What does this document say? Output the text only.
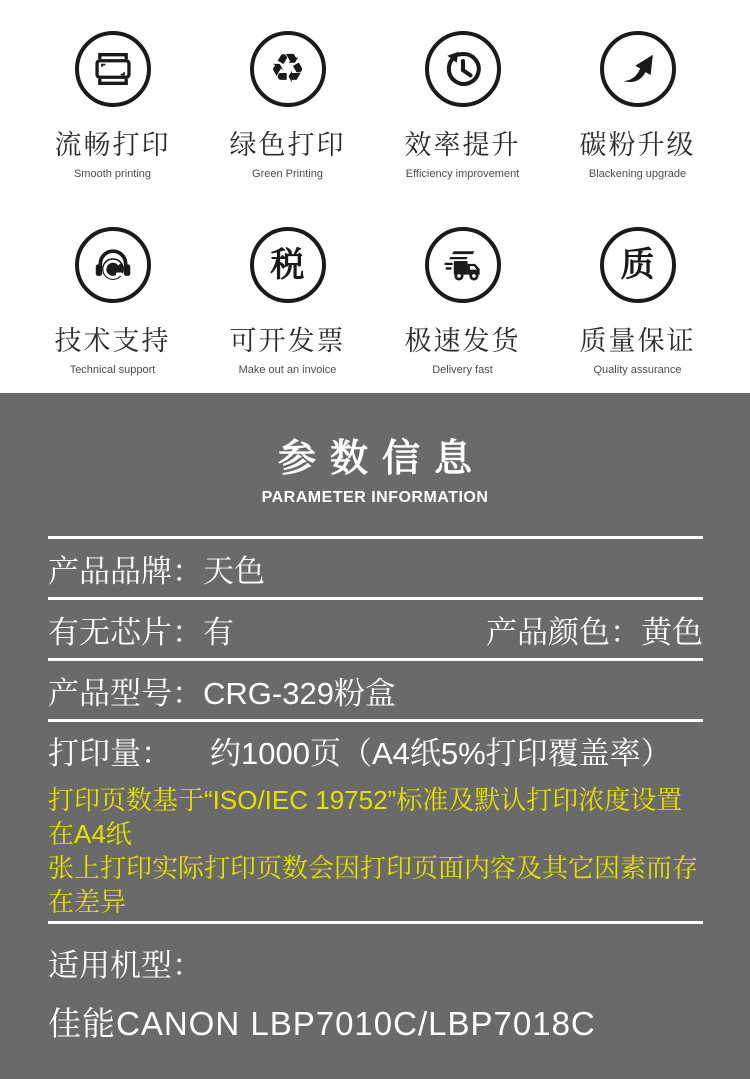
流畅打印
Smooth printing
♻
绿色打印
Green Printing
效率提升
Efficiency improvement
碳粉升级
Blackening upgrade
技术支持
Technical support
税
可开发票
Make out an invoice
极速发货
Delivery fast
质
质量保证
Quality assurance
参数信息
PARAMETER INFORMATION
产品品牌： 天色
有无芯片：有	产品颜色：黄色
产品型号： CRG-329粉盒
打印量： 约1000页（A4纸5%打印覆盖率）
打印页数基于“ISO/IEC 19752”标准及默认打印浓度设置在A4纸
张上打印实际打印页数会因打印页面内容及其它因素而存在差异
适用机型：
佳能CANON LBP7010C/LBP7018C
